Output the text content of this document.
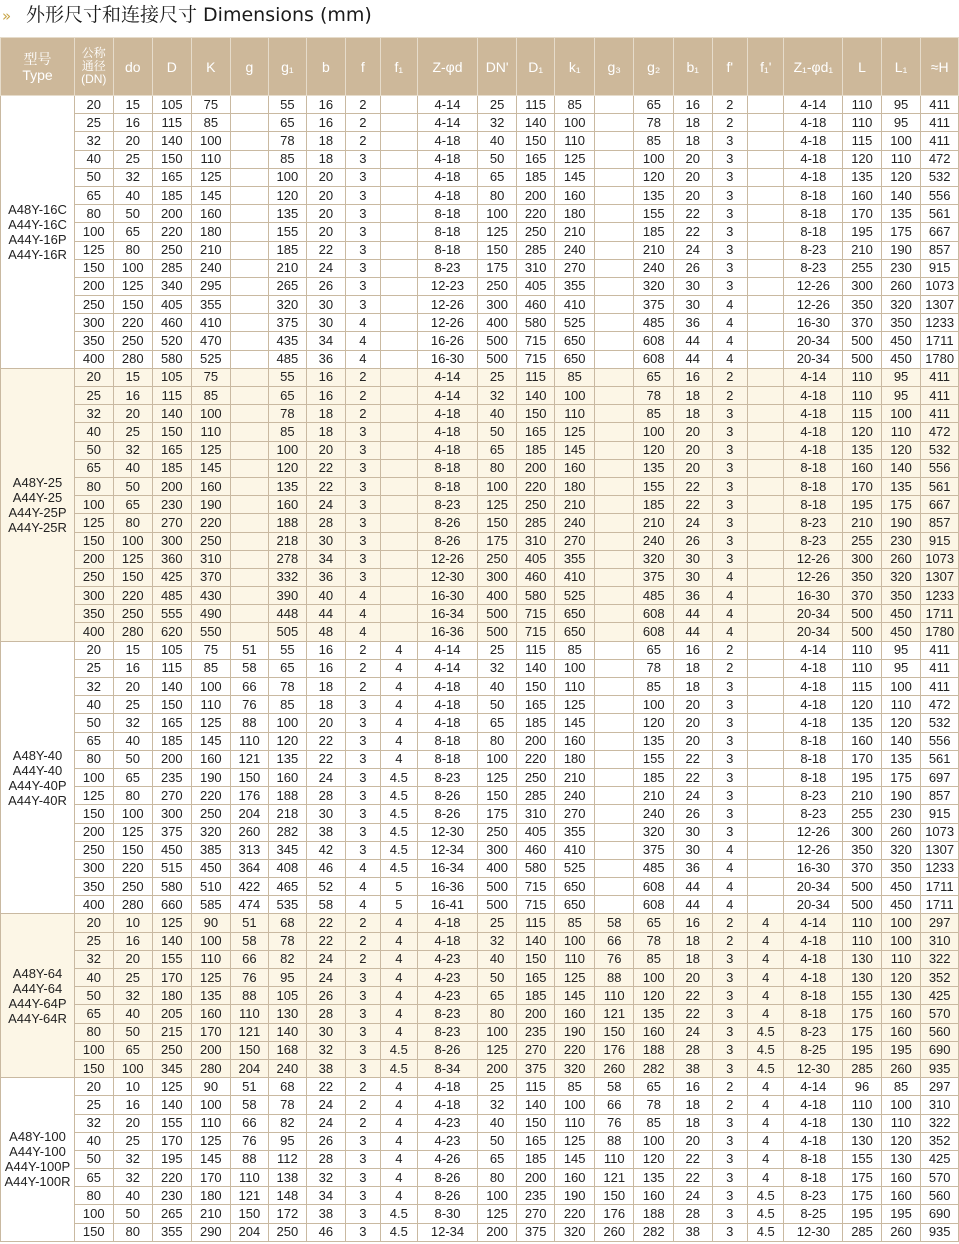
» 外形尺寸和连接尺寸 Dimensions (mm)
型号
Type	公称
通径
(DN)	do	D	K	g	g₁	b	f	f₁	Z-φd	DN'	D₁	k₁	g₃	g₂	b₁	f'	f₁'	Z₁-φd₁	L	L₁	≈H

A48Y-16C
A44Y-16C
A44Y-16P
A44Y-16R	20	15	105	75		55	16	2		4-14	25	115	85		65	16	2		4-14	110	95	411
	25	16	115	85		65	16	2		4-14	32	140	100		78	18	2		4-18	110	95	411
	32	20	140	100		78	18	2		4-18	40	150	110		85	18	3		4-18	115	100	411
	40	25	150	110		85	18	3		4-18	50	165	125		100	20	3		4-18	120	110	472
	50	32	165	125		100	20	3		4-18	65	185	145		120	20	3		4-18	135	120	532
	65	40	185	145		120	20	3		4-18	80	200	160		135	20	3		8-18	160	140	556
	80	50	200	160		135	20	3		8-18	100	220	180		155	22	3		8-18	170	135	561
	100	65	220	180		155	20	3		8-18	125	250	210		185	22	3		8-18	195	175	667
	125	80	250	210		185	22	3		8-18	150	285	240		210	24	3		8-23	210	190	857
	150	100	285	240		210	24	3		8-23	175	310	270		240	26	3		8-23	255	230	915
	200	125	340	295		265	26	3		12-23	250	405	355		320	30	3		12-26	300	260	1073
	250	150	405	355		320	30	3		12-26	300	460	410		375	30	4		12-26	350	320	1307
	300	220	460	410		375	30	4		12-26	400	580	525		485	36	4		16-30	370	350	1233
	350	250	520	470		435	34	4		16-26	500	715	650		608	44	4		20-34	500	450	1711
	400	280	580	525		485	36	4		16-30	500	715	650		608	44	4		20-34	500	450	1780

A48Y-25
A44Y-25
A44Y-25P
A44Y-25R	20	15	105	75		55	16	2		4-14	25	115	85		65	16	2		4-14	110	95	411
	25	16	115	85		65	16	2		4-14	32	140	100		78	18	2		4-18	110	95	411
	32	20	140	100		78	18	2		4-18	40	150	110		85	18	3		4-18	115	100	411
	40	25	150	110		85	18	3		4-18	50	165	125		100	20	3		4-18	120	110	472
	50	32	165	125		100	20	3		4-18	65	185	145		120	20	3		4-18	135	120	532
	65	40	185	145		120	22	3		8-18	80	200	160		135	20	3		8-18	160	140	556
	80	50	200	160		135	22	3		8-18	100	220	180		155	22	3		8-18	170	135	561
	100	65	230	190		160	24	3		8-23	125	250	210		185	22	3		8-18	195	175	667
	125	80	270	220		188	28	3		8-26	150	285	240		210	24	3		8-23	210	190	857
	150	100	300	250		218	30	3		8-26	175	310	270		240	26	3		8-23	255	230	915
	200	125	360	310		278	34	3		12-26	250	405	355		320	30	3		12-26	300	260	1073
	250	150	425	370		332	36	3		12-30	300	460	410		375	30	4		12-26	350	320	1307
	300	220	485	430		390	40	4		16-30	400	580	525		485	36	4		16-30	370	350	1233
	350	250	555	490		448	44	4		16-34	500	715	650		608	44	4		20-34	500	450	1711
	400	280	620	550		505	48	4		16-36	500	715	650		608	44	4		20-34	500	450	1780

A48Y-40
A44Y-40
A44Y-40P
A44Y-40R	20	15	105	75	51	55	16	2	4	4-14	25	115	85		65	16	2		4-14	110	95	411
	25	16	115	85	58	65	16	2	4	4-14	32	140	100		78	18	2		4-18	110	95	411
	32	20	140	100	66	78	18	2	4	4-18	40	150	110		85	18	3		4-18	115	100	411
	40	25	150	110	76	85	18	3	4	4-18	50	165	125		100	20	3		4-18	120	110	472
	50	32	165	125	88	100	20	3	4	4-18	65	185	145		120	20	3		4-18	135	120	532
	65	40	185	145	110	120	22	3	4	8-18	80	200	160		135	20	3		8-18	160	140	556
	80	50	200	160	121	135	22	3	4	8-18	100	220	180		155	22	3		8-18	170	135	561
	100	65	235	190	150	160	24	3	4.5	8-23	125	250	210		185	22	3		8-18	195	175	697
	125	80	270	220	176	188	28	3	4.5	8-26	150	285	240		210	24	3		8-23	210	190	857
	150	100	300	250	204	218	30	3	4.5	8-26	175	310	270		240	26	3		8-23	255	230	915
	200	125	375	320	260	282	38	3	4.5	12-30	250	405	355		320	30	3		12-26	300	260	1073
	250	150	450	385	313	345	42	3	4.5	12-34	300	460	410		375	30	4		12-26	350	320	1307
	300	220	515	450	364	408	46	4	4.5	16-34	400	580	525		485	36	4		16-30	370	350	1233
	350	250	580	510	422	465	52	4	5	16-36	500	715	650		608	44	4		20-34	500	450	1711
	400	280	660	585	474	535	58	4	5	16-41	500	715	650		608	44	4		20-34	500	450	1711

A48Y-64
A44Y-64
A44Y-64P
A44Y-64R	20	10	125	90	51	68	22	2	4	4-18	25	115	85	58	65	16	2	4	4-14	110	100	297
	25	16	140	100	58	78	22	2	4	4-18	32	140	100	66	78	18	2	4	4-18	110	100	310
	32	20	155	110	66	82	24	2	4	4-23	40	150	110	76	85	18	3	4	4-18	130	110	322
	40	25	170	125	76	95	24	3	4	4-23	50	165	125	88	100	20	3	4	4-18	130	120	352
	50	32	180	135	88	105	26	3	4	4-23	65	185	145	110	120	22	3	4	8-18	155	130	425
	65	40	205	160	110	130	28	3	4	8-23	80	200	160	121	135	22	3	4	8-18	175	160	570
	80	50	215	170	121	140	30	3	4	8-23	100	235	190	150	160	24	3	4.5	8-23	175	160	560
	100	65	250	200	150	168	32	3	4.5	8-26	125	270	220	176	188	28	3	4.5	8-25	195	195	690
	150	100	345	280	204	240	38	3	4.5	8-34	200	375	320	260	282	38	3	4.5	12-30	285	260	935

A48Y-100
A44Y-100
A44Y-100P
A44Y-100R	20	10	125	90	51	68	22	2	4	4-18	25	115	85	58	65	16	2	4	4-14	96	85	297
	25	16	140	100	58	78	24	2	4	4-18	32	140	100	66	78	18	2	4	4-18	110	100	310
	32	20	155	110	66	82	24	2	4	4-23	40	150	110	76	85	18	3	4	4-18	130	110	322
	40	25	170	125	76	95	26	3	4	4-23	50	165	125	88	100	20	3	4	4-18	130	120	352
	50	32	195	145	88	112	28	3	4	4-26	65	185	145	110	120	22	3	4	8-18	155	130	425
	65	32	220	170	110	138	32	3	4	8-26	80	200	160	121	135	22	3	4	8-18	175	160	570
	80	40	230	180	121	148	34	3	4	8-26	100	235	190	150	160	24	3	4.5	8-23	175	160	560
	100	50	265	210	150	172	38	3	4.5	8-30	125	270	220	176	188	28	3	4.5	8-25	195	195	690
	150	80	355	290	204	250	46	3	4.5	12-34	200	375	320	260	282	38	3	4.5	12-30	285	260	935
